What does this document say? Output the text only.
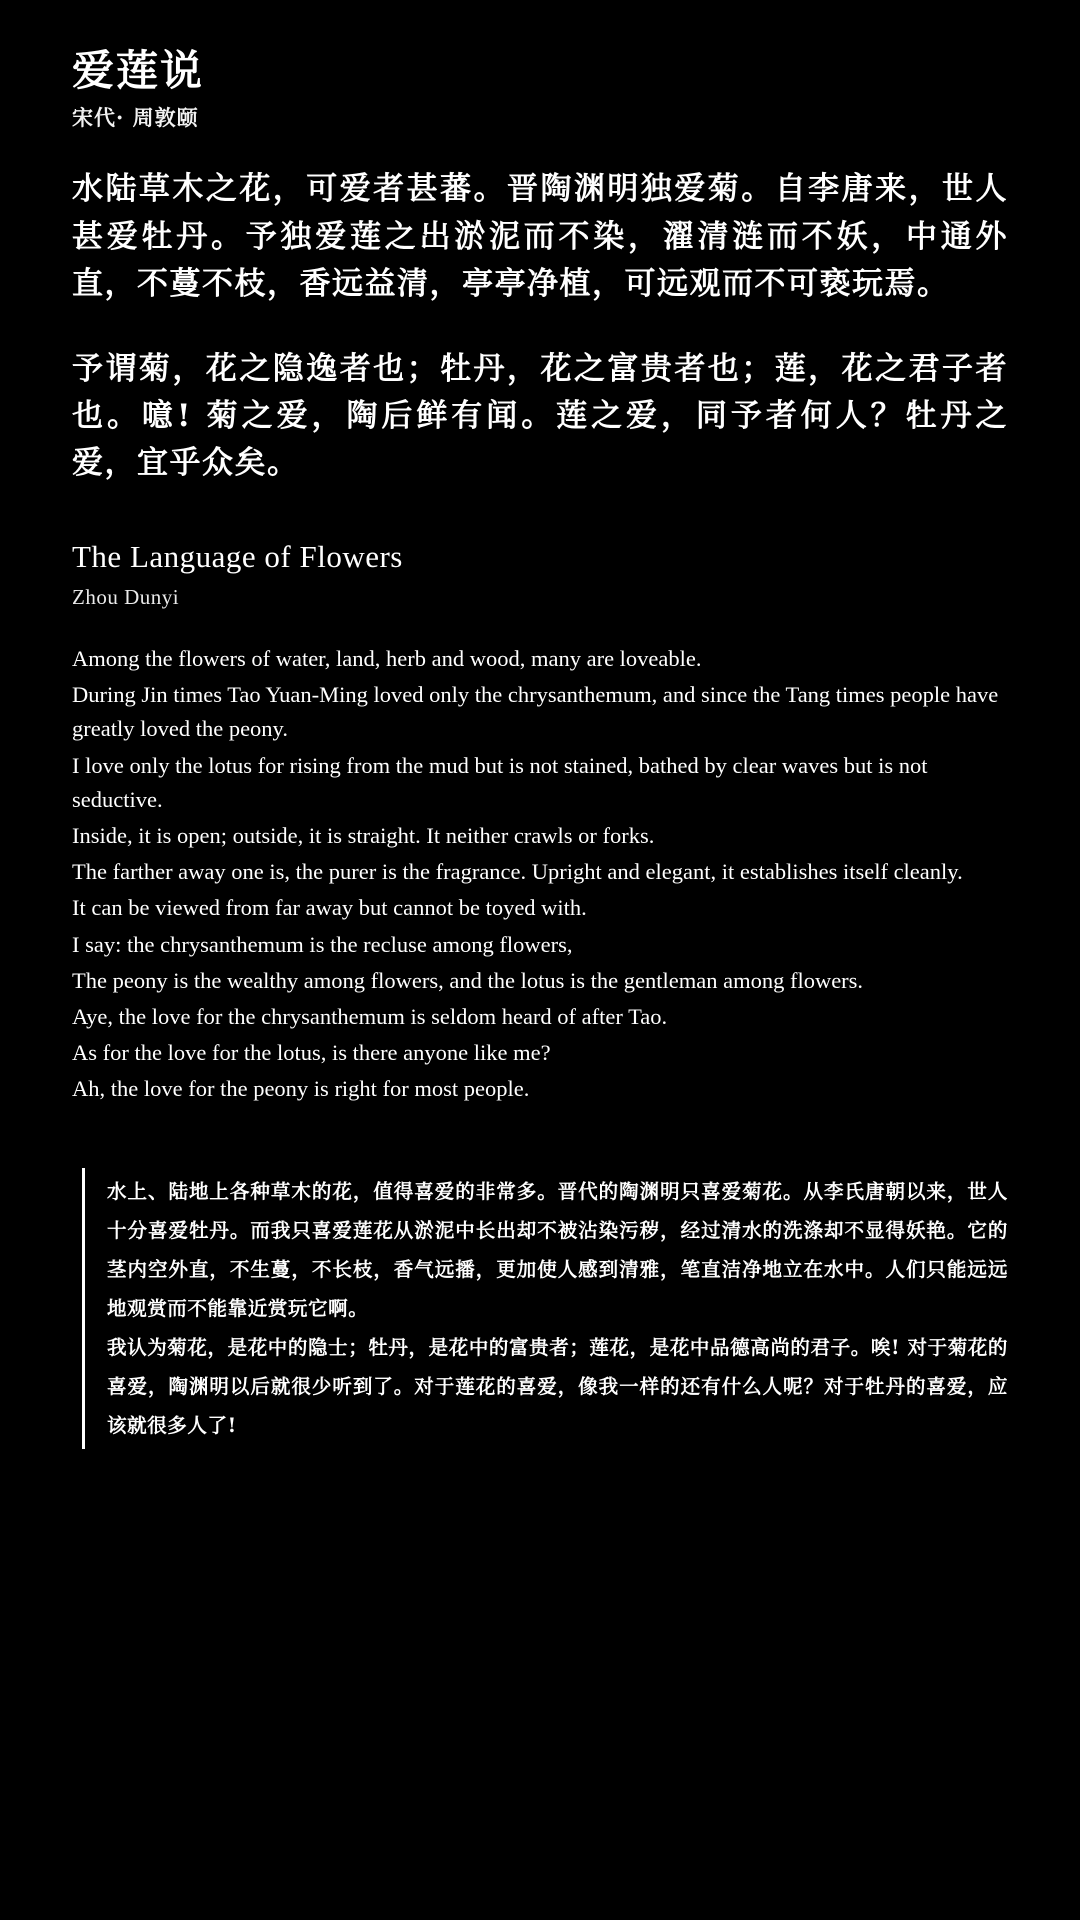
爱莲说
宋代· 周敦颐

水陆草木之花，可爱者甚蕃。晋陶渊明独爱菊。自李唐来，世人甚爱牡丹。予独爱莲之出淤泥而不染，濯清涟而不妖，中通外直，不蔓不枝，香远益清，亭亭净植，可远观而不可亵玩焉。

予谓菊，花之隐逸者也；牡丹，花之富贵者也；莲，花之君子者也。噫! 菊之爱，陶后鲜有闻。莲之爱，同予者何人？牡丹之爱，宜乎众矣。

The Language of Flowers
Zhou Dunyi

Among the flowers of water, land, herb and wood, many are loveable.

During Jin times Tao Yuan-Ming loved only the chrysanthemum, and since the Tang times people have greatly loved the peony.

I love only the lotus for rising from the mud but is not stained, bathed by clear waves but is not seductive.

Inside, it is open; outside, it is straight. It neither crawls or forks.

The farther away one is, the purer is the fragrance. Upright and elegant, it establishes itself cleanly.

It can be viewed from far away but cannot be toyed with.

I say: the chrysanthemum is the recluse among flowers,

The peony is the wealthy among flowers, and the lotus is the gentleman among flowers.

Aye, the love for the chrysanthemum is seldom heard of after Tao.

As for the love for the lotus, is there anyone like me?

Ah, the love for the peony is right for most people.

水上、陆地上各种草木的花，值得喜爱的非常多。晋代的陶渊明只喜爱菊花。从李氏唐朝以来，世人十分喜爱牡丹。而我只喜爱莲花从淤泥中长出却不被沾染污秽，经过清水的洗涤却不显得妖艳。它的茎内空外直，不生蔓，不长枝，香气远播，更加使人感到清雅，笔直洁净地立在水中。人们只能远远地观赏而不能靠近赏玩它啊。

我认为菊花，是花中的隐士；牡丹，是花中的富贵者；莲花，是花中品德高尚的君子。唉! 对于菊花的喜爱，陶渊明以后就很少听到了。对于莲花的喜爱，像我一样的还有什么人呢？对于牡丹的喜爱，应该就很多人了!
